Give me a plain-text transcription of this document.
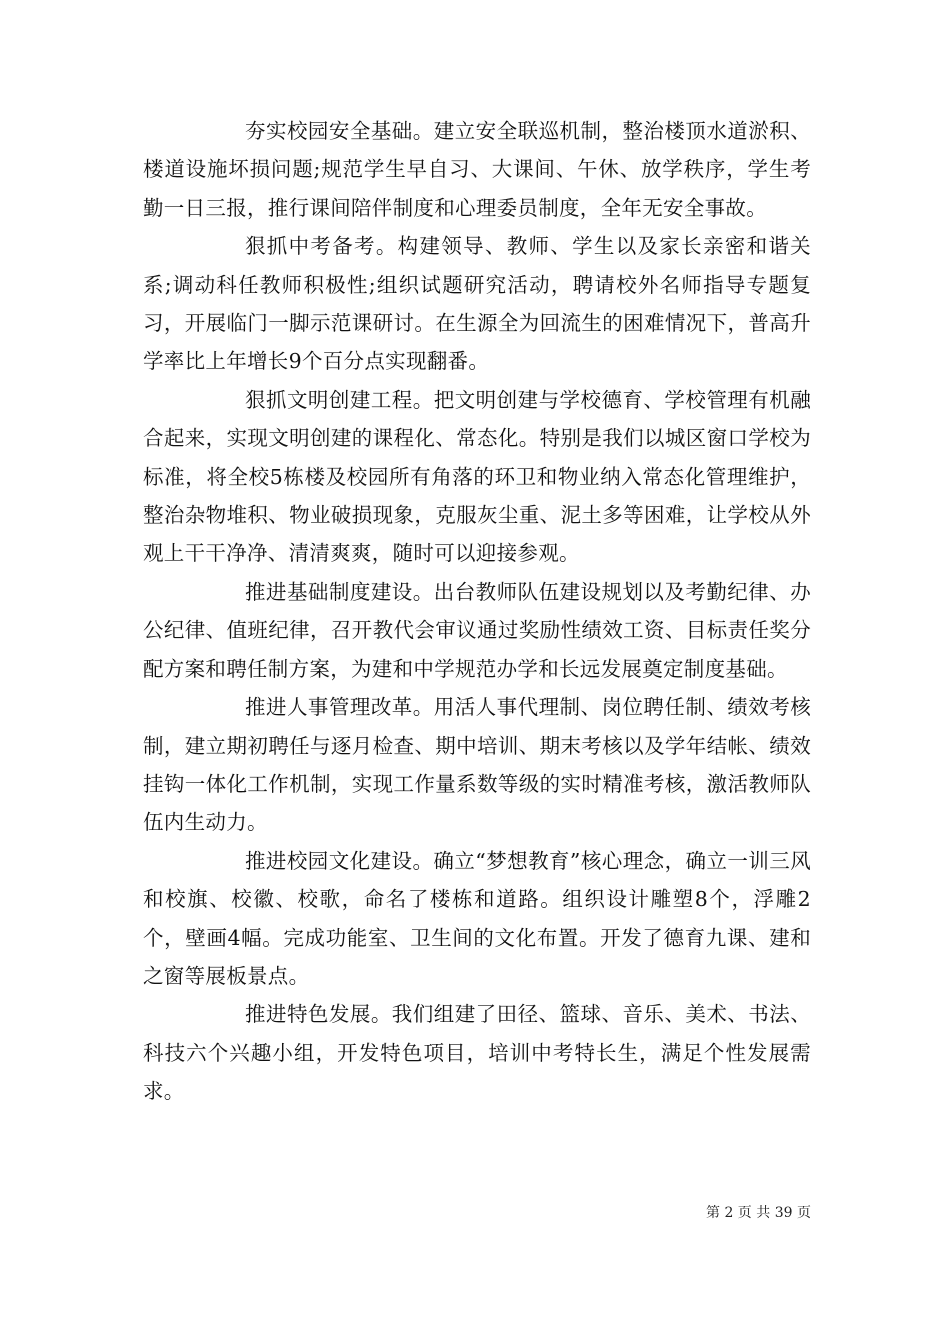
夯实校园安全基础。建立安全联巡机制，整治楼顶水道淤积、楼道设施坏损问题;规范学生早自习、大课间、午休、放学秩序，学生考勤一日三报，推行课间陪伴制度和心理委员制度，全年无安全事故。

狠抓中考备考。构建领导、教师、学生以及家长亲密和谐关系;调动科任教师积极性;组织试题研究活动，聘请校外名师指导专题复习，开展临门一脚示范课研讨。在生源全为回流生的困难情况下，普高升学率比上年增长9个百分点实现翻番。

狠抓文明创建工程。把文明创建与学校德育、学校管理有机融合起来，实现文明创建的课程化、常态化。特别是我们以城区窗口学校为标准，将全校5栋楼及校园所有角落的环卫和物业纳入常态化管理维护，整治杂物堆积、物业破损现象，克服灰尘重、泥土多等困难，让学校从外观上干干净净、清清爽爽，随时可以迎接参观。

推进基础制度建设。出台教师队伍建设规划以及考勤纪律、办公纪律、值班纪律，召开教代会审议通过奖励性绩效工资、目标责任奖分配方案和聘任制方案，为建和中学规范办学和长远发展奠定制度基础。

推进人事管理改革。用活人事代理制、岗位聘任制、绩效考核制，建立期初聘任与逐月检查、期中培训、期末考核以及学年结帐、绩效挂钩一体化工作机制，实现工作量系数等级的实时精准考核，激活教师队伍内生动力。

推进校园文化建设。确立“梦想教育”核心理念，确立一训三风和校旗、校徽、校歌，命名了楼栋和道路。组织设计雕塑8个，浮雕2个，壁画4幅。完成功能室、卫生间的文化布置。开发了德育九课、建和之窗等展板景点。

推进特色发展。我们组建了田径、篮球、音乐、美术、书法、科技六个兴趣小组，开发特色项目，培训中考特长生，满足个性发展需求。

第 2 页 共 39 页
